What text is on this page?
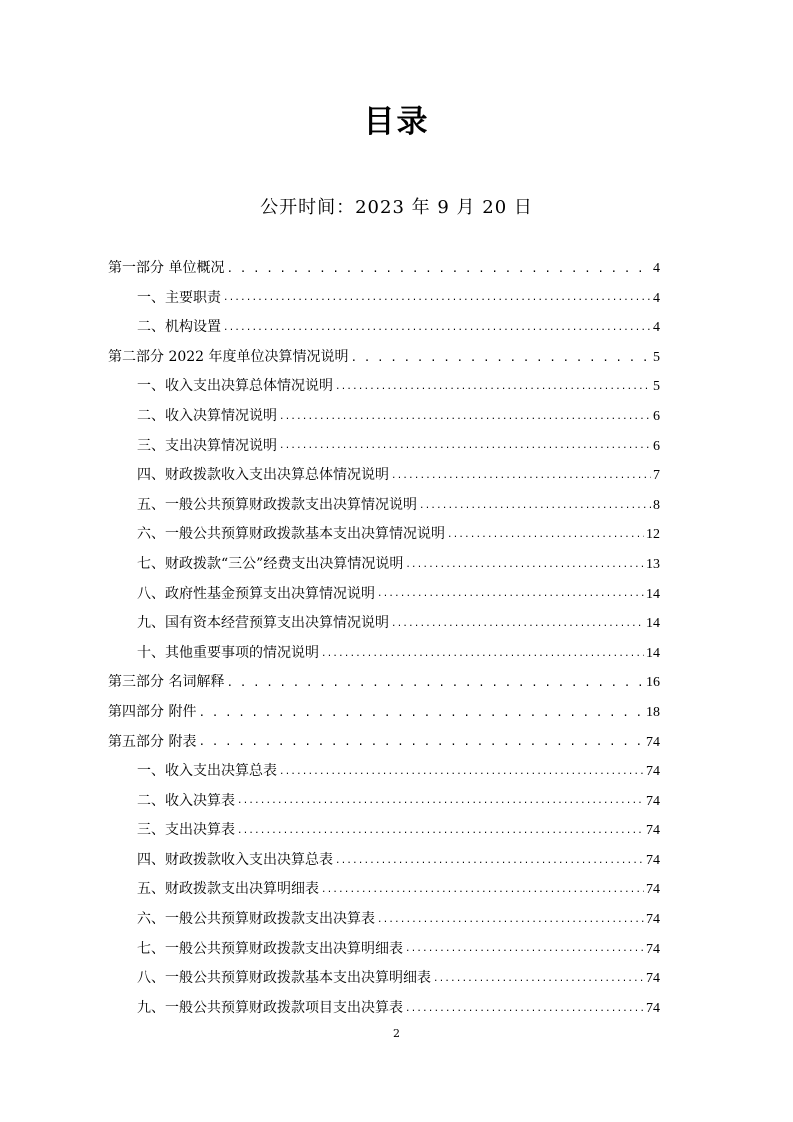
目录
公开时间：2023 年 9 月 20 日
第一部分 单位概况 . . .	4
一、主要职责 .....	4
二、机构设置 .....	4
第二部分 2022 年度单位决算情况说明 . . .	5
一、收入支出决算总体情况说明 .....	5
二、收入决算情况说明 .....	6
三、支出决算情况说明 .....	6
四、财政拨款收入支出决算总体情况说明 .....	7
五、一般公共预算财政拨款支出决算情况说明 .....	8
六、一般公共预算财政拨款基本支出决算情况说明 .....	12
七、财政拨款“三公”经费支出决算情况说明 .....	13
八、政府性基金预算支出决算情况说明 .....	14
九、国有资本经营预算支出决算情况说明 .....	14
十、其他重要事项的情况说明 .....	14
第三部分 名词解释 . . .	16
第四部分 附件 . . .	18
第五部分 附表 . . .	74
一、收入支出决算总表 .....	74
二、收入决算表 .....	74
三、支出决算表 .....	74
四、财政拨款收入支出决算总表 .....	74
五、财政拨款支出决算明细表 .....	74
六、一般公共预算财政拨款支出决算表 .....	74
七、一般公共预算财政拨款支出决算明细表 .....	74
八、一般公共预算财政拨款基本支出决算明细表 .....	74
九、一般公共预算财政拨款项目支出决算表 .....	74
2
